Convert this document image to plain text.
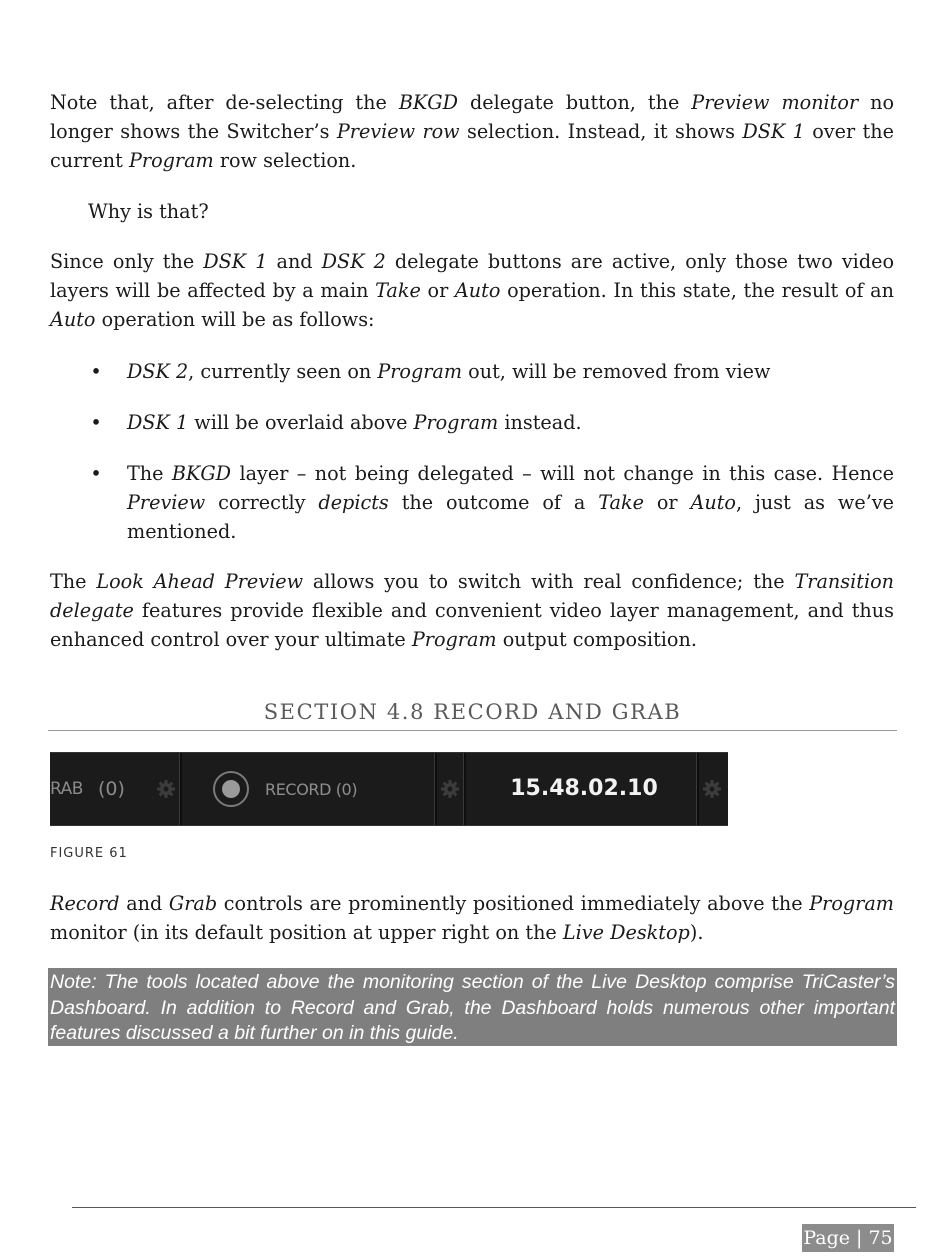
Note that, after de-selecting the BKGD delegate button, the Preview monitor no longer shows the Switcher’s Preview row selection. Instead, it shows DSK 1 over the current Program row selection.

Why is that?

Since only the DSK 1 and DSK 2 delegate buttons are active, only those two video layers will be affected by a main Take or Auto operation. In this state, the result of an Auto operation will be as follows:

• DSK 2, currently seen on Program out, will be removed from view
• DSK 1 will be overlaid above Program instead.
• The BKGD layer – not being delegated – will not change in this case. Hence Preview correctly depicts the outcome of a Take or Auto, just as we’ve mentioned.

The Look Ahead Preview allows you to switch with real confidence; the Transition delegate features provide flexible and convenient video layer management, and thus enhanced control over your ultimate Program output composition.

SECTION 4.8 RECORD AND GRAB
RAB (0)	RECORD (0)	15.48.02.10
FIGURE 61

Record and Grab controls are prominently positioned immediately above the Program monitor (in its default position at upper right on the Live Desktop).

Note: The tools located above the monitoring section of the Live Desktop comprise TriCaster’s Dashboard. In addition to Record and Grab, the Dashboard holds numerous other important features discussed a bit further on in this guide.

Page | 75
